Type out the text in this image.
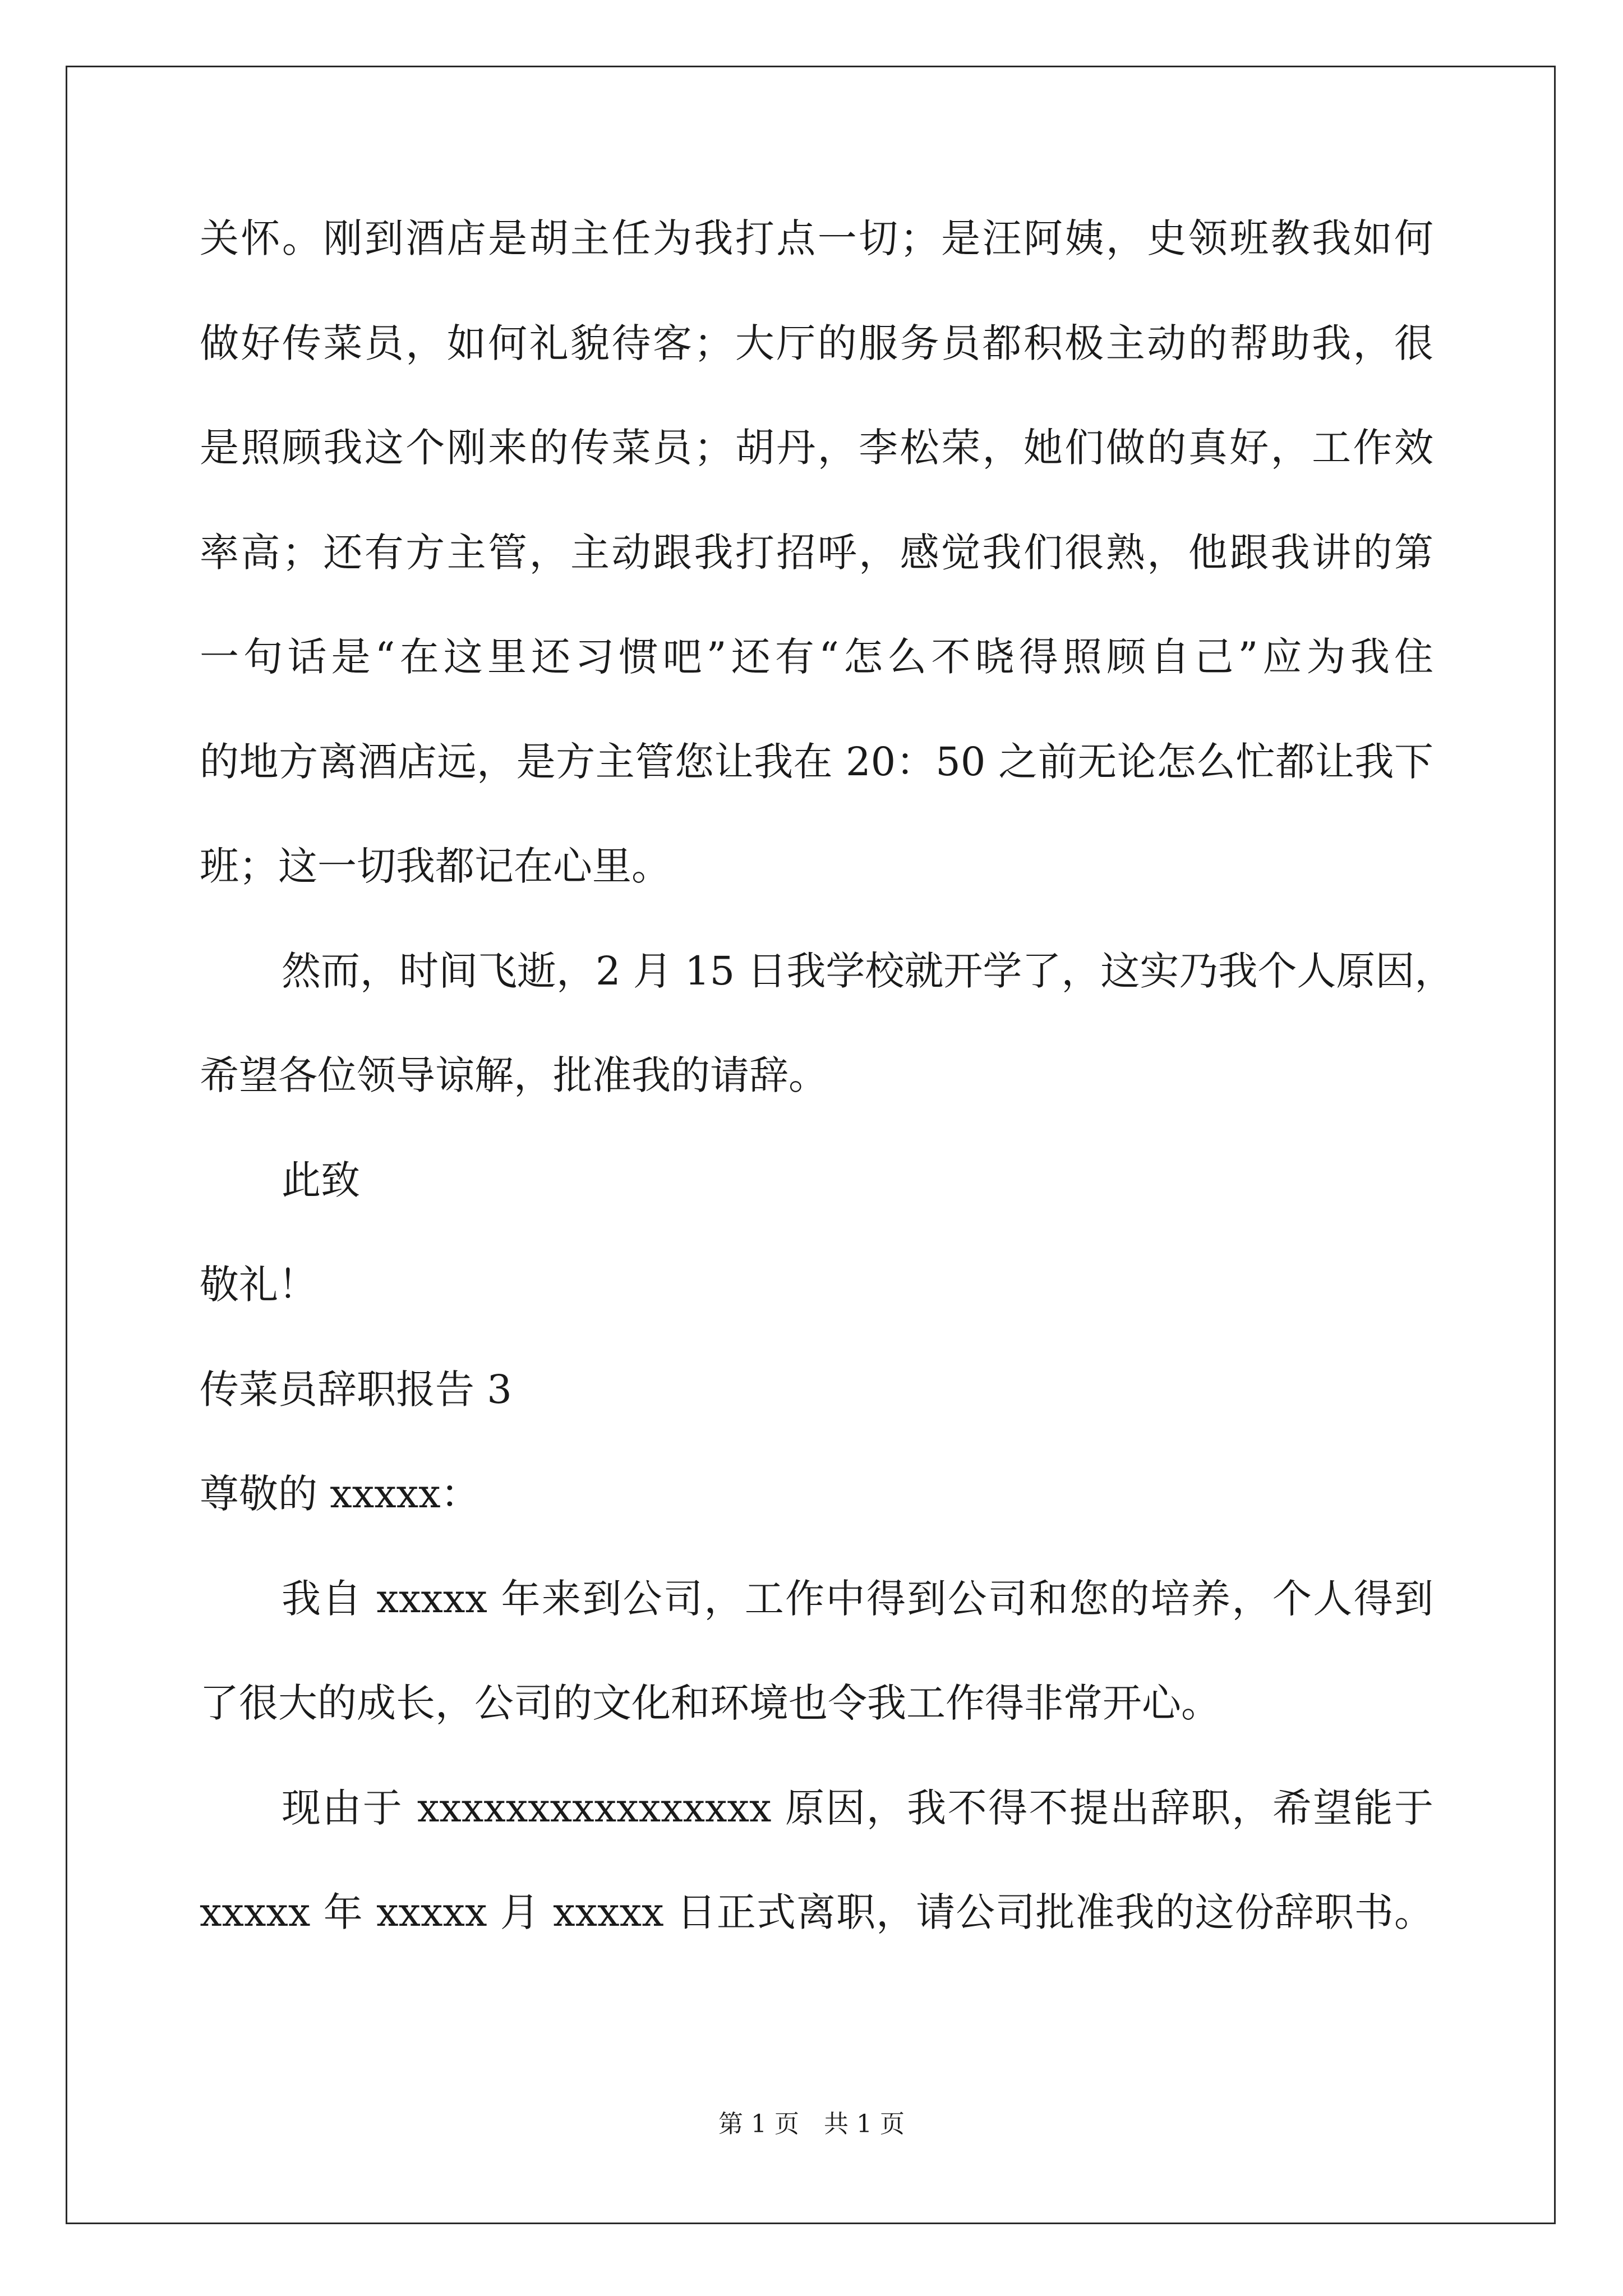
关怀。刚到酒店是胡主任为我打点一切；是汪阿姨，史领班教我如何
做好传菜员，如何礼貌待客；大厅的服务员都积极主动的帮助我，很
是照顾我这个刚来的传菜员；胡丹，李松荣，她们做的真好，工作效
率高；还有方主管，主动跟我打招呼，感觉我们很熟，他跟我讲的第
一句话是“在这里还习惯吧”还有“怎么不晓得照顾自己”应为我住
的地方离酒店远，是方主管您让我在 20：50 之前无论怎么忙都让我下
班；这一切我都记在心里。
然而，时间飞逝，2 月 15 日我学校就开学了，这实乃我个人原因，
希望各位领导谅解，批准我的请辞。
此致
敬礼！
传菜员辞职报告 3
尊敬的 xxxxx：
我自 xxxxx 年来到公司，工作中得到公司和您的培养，个人得到
了很大的成长，公司的文化和环境也令我工作得非常开心。
现由于 xxxxxxxxxxxxxxxx 原因，我不得不提出辞职，希望能于
xxxxx 年 xxxxx 月 xxxxx 日正式离职，请公司批准我的这份辞职书。
第 1 页　共 1 页
